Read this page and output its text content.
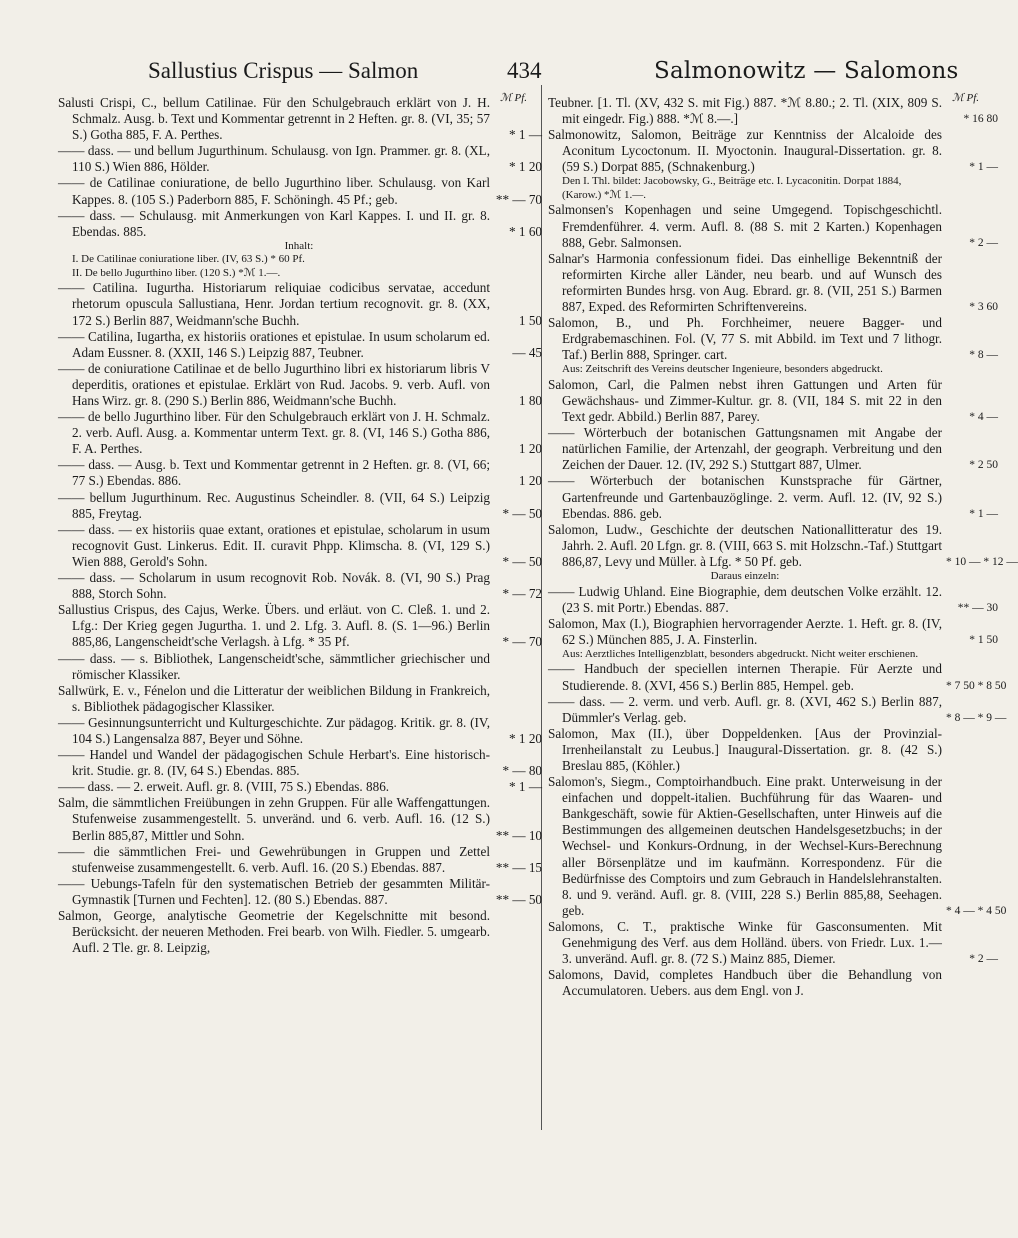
Sallustius Crispus — Salmon	434	Salmonowitz — Salomons
ℳ Pf.	ℳ Pf.
Salusti Crispi, C., bellum Catilinae. Für den Schulgebrauch erklärt von J. H. Schmalz. Ausg. b. Text und Kommentar getrennt in 2 Heften. gr. 8. (VI, 35; 57 S.) Gotha 885, F. A. Perthes.	* 1 —
—— dass. — und bellum Jugurthinum. Schulausg. von Ign. Prammer. gr. 8. (XL, 110 S.) Wien 886, Hölder.	* 1 20
—— de Catilinae coniuratione, de bello Jugurthino liber. Schulausg. von Karl Kappes. 8. (105 S.) Paderborn 885, F. Schöningh. 45 Pf.; geb.	** — 70
—— dass. — Schulausg. mit Anmerkungen von Karl Kappes. I. und II. gr. 8. Ebendas. 885.	* 1 60
Inhalt:
I. De Catilinae coniuratione liber. (IV, 63 S.) * 60 Pf.
II. De bello Jugurthino liber. (120 S.) *ℳ 1.—.
—— Catilina. Iugurtha. Historiarum reliquiae codicibus servatae, accedunt rhetorum opuscula Sallustiana, Henr. Jordan tertium recognovit. gr. 8. (XX, 172 S.) Berlin 887, Weidmann'sche Buchh.	1 50
—— Catilina, Iugartha, ex historiis orationes et epistulae. In usum scholarum ed. Adam Eussner. 8. (XXII, 146 S.) Leipzig 887, Teubner.	— 45
—— de coniuratione Catilinae et de bello Jugurthino libri ex historiarum libris V deperditis, orationes et epistulae. Erklärt von Rud. Jacobs. 9. verb. Aufl. von Hans Wirz. gr. 8. (290 S.) Berlin 886, Weidmann'sche Buchh.	1 80
—— de bello Jugurthino liber. Für den Schulgebrauch erklärt von J. H. Schmalz. 2. verb. Aufl. Ausg. a. Kommentar unterm Text. gr. 8. (VI, 146 S.) Gotha 886, F. A. Perthes.	1 20
—— dass. — Ausg. b. Text und Kommentar getrennt in 2 Heften. gr. 8. (VI, 66; 77 S.) Ebendas. 886.	1 20
—— bellum Jugurthinum. Rec. Augustinus Scheindler. 8. (VII, 64 S.) Leipzig 885, Freytag.	* — 50
—— dass. — ex historiis quae extant, orationes et epistulae, scholarum in usum recognovit Gust. Linkerus. Edit. II. curavit Phpp. Klimscha. 8. (VI, 129 S.) Wien 888, Gerold's Sohn.	* — 50
—— dass. — Scholarum in usum recognovit Rob. Novák. 8. (VI, 90 S.) Prag 888, Storch Sohn.	* — 72
Sallustius Crispus, des Cajus, Werke. Übers. und erläut. von C. Cleß. 1. und 2. Lfg.: Der Krieg gegen Jugurtha. 1. und 2. Lfg. 3. Aufl. 8. (S. 1—96.) Berlin 885,86, Langenscheidt'sche Verlagsh. à Lfg. * 35 Pf.	* — 70
—— dass. — s. Bibliothek, Langenscheidt'sche, sämmtlicher griechischer und römischer Klassiker.
Sallwürk, E. v., Fénelon und die Litteratur der weiblichen Bildung in Frankreich, s. Bibliothek pädagogischer Klassiker.
—— Gesinnungsunterricht und Kulturgeschichte. Zur pädagog. Kritik. gr. 8. (IV, 104 S.) Langensalza 887, Beyer und Söhne.	* 1 20
—— Handel und Wandel der pädagogischen Schule Herbart's. Eine historisch-krit. Studie. gr. 8. (IV, 64 S.) Ebendas. 885.	* — 80
—— dass. — 2. erweit. Aufl. gr. 8. (VIII, 75 S.) Ebendas. 886.	* 1 —
Salm, die sämmtlichen Freiübungen in zehn Gruppen. Für alle Waffengattungen. Stufenweise zusammengestellt. 5. unveränd. und 6. verb. Aufl. 16. (12 S.) Berlin 885,87, Mittler und Sohn.	** — 10
—— die sämmtlichen Frei- und Gewehrübungen in Gruppen und Zettel stufenweise zusammengestellt. 6. verb. Aufl. 16. (20 S.) Ebendas. 887.	** — 15
—— Uebungs-Tafeln für den systematischen Betrieb der gesammten Militär-Gymnastik [Turnen und Fechten]. 12. (80 S.) Ebendas. 887.	** — 50
Salmon, George, analytische Geometrie der Kegelschnitte mit besond. Berücksicht. der neueren Methoden. Frei bearb. von Wilh. Fiedler. 5. umgearb. Aufl. 2 Tle. gr. 8. Leipzig,
Teubner. [1. Tl. (XV, 432 S. mit Fig.) 887. *ℳ 8.80.; 2. Tl. (XIX, 809 S. mit eingedr. Fig.) 888. *ℳ 8.—.]	* 16 80
Salmonowitz, Salomon, Beiträge zur Kenntniss der Alcaloide des Aconitum Lycoctonum. II. Myoctonin. Inaugural-Dissertation. gr. 8. (59 S.) Dorpat 885, (Schnakenburg.)	* 1 —
Den I. Thl. bildet: Jacobowsky, G., Beiträge etc. I. Lycaconitin. Dorpat 1884, (Karow.) *ℳ 1.—.
Salmonsen's Kopenhagen und seine Umgegend. Topischgeschichtl. Fremdenführer. 4. verm. Aufl. 8. (88 S. mit 2 Karten.) Kopenhagen 888, Gebr. Salmonsen.	* 2 —
Salnar's Harmonia confessionum fidei. Das einhellige Bekenntniß der reformirten Kirche aller Länder, neu bearb. und auf Wunsch des reformirten Bundes hrsg. von Aug. Ebrard. gr. 8. (VII, 251 S.) Barmen 887, Exped. des Reformirten Schriftenvereins.	* 3 60
Salomon, B., und Ph. Forchheimer, neuere Bagger- und Erdgrabemaschinen. Fol. (V, 77 S. mit Abbild. im Text und 7 lithogr. Taf.) Berlin 888, Springer. cart.	* 8 —
Aus: Zeitschrift des Vereins deutscher Ingenieure, besonders abgedruckt.
Salomon, Carl, die Palmen nebst ihren Gattungen und Arten für Gewächshaus- und Zimmer-Kultur. gr. 8. (VII, 184 S. mit 22 in den Text gedr. Abbild.) Berlin 887, Parey.	* 4 —
—— Wörterbuch der botanischen Gattungsnamen mit Angabe der natürlichen Familie, der Artenzahl, der geograph. Verbreitung und den Zeichen der Dauer. 12. (IV, 292 S.) Stuttgart 887, Ulmer.	* 2 50
—— Wörterbuch der botanischen Kunstsprache für Gärtner, Gartenfreunde und Gartenbauzöglinge. 2. verm. Aufl. 12. (IV, 92 S.) Ebendas. 886. geb.	* 1 —
Salomon, Ludw., Geschichte der deutschen Nationallitteratur des 19. Jahrh. 2. Aufl. 20 Lfgn. gr. 8. (VIII, 663 S. mit Holzschn.-Taf.) Stuttgart 886,87, Levy und Müller. à Lfg. * 50 Pf. geb.	* 10 — * 12 —
Daraus einzeln:
—— Ludwig Uhland. Eine Biographie, dem deutschen Volke erzählt. 12. (23 S. mit Portr.) Ebendas. 887.	** — 30
Salomon, Max (I.), Biographien hervorragender Aerzte. 1. Heft. gr. 8. (IV, 62 S.) München 885, J. A. Finsterlin.	* 1 50
Aus: Aerztliches Intelligenzblatt, besonders abgedruckt. Nicht weiter erschienen.
—— Handbuch der speciellen internen Therapie. Für Aerzte und Studierende. 8. (XVI, 456 S.) Berlin 885, Hempel. geb.	* 7 50 * 8 50
—— dass. — 2. verm. und verb. Aufl. gr. 8. (XVI, 462 S.) Berlin 887, Dümmler's Verlag. geb.	* 8 — * 9 —
Salomon, Max (II.), über Doppeldenken. [Aus der Provinzial-Irrenheilanstalt zu Leubus.] Inaugural-Dissertation. gr. 8. (42 S.) Breslau 885, (Köhler.)
Salomon's, Siegm., Comptoirhandbuch. Eine prakt. Unterweisung in der einfachen und doppelt-italien. Buchführung für das Waaren- und Bankgeschäft, sowie für Aktien-Gesellschaften, unter Hinweis auf die Bestimmungen des allgemeinen deutschen Handelsgesetzbuchs; in der Wechsel- und Konkurs-Ordnung, in der Wechsel-Kurs-Berechnung aller Börsenplätze und im kaufmänn. Korrespondenz. Für die Bedürfnisse des Comptoirs und zum Gebrauch in Handelslehranstalten. 8. und 9. veränd. Aufl. gr. 8. (VIII, 228 S.) Berlin 885,88, Seehagen. geb.	* 4 — * 4 50
Salomons, C. T., praktische Winke für Gasconsumenten. Mit Genehmigung des Verf. aus dem Holländ. übers. von Friedr. Lux. 1.—3. unveränd. Aufl. gr. 8. (72 S.) Mainz 885, Diemer.	* 2 —
Salomons, David, completes Handbuch über die Behandlung von Accumulatoren. Uebers. aus dem Engl. von J.
